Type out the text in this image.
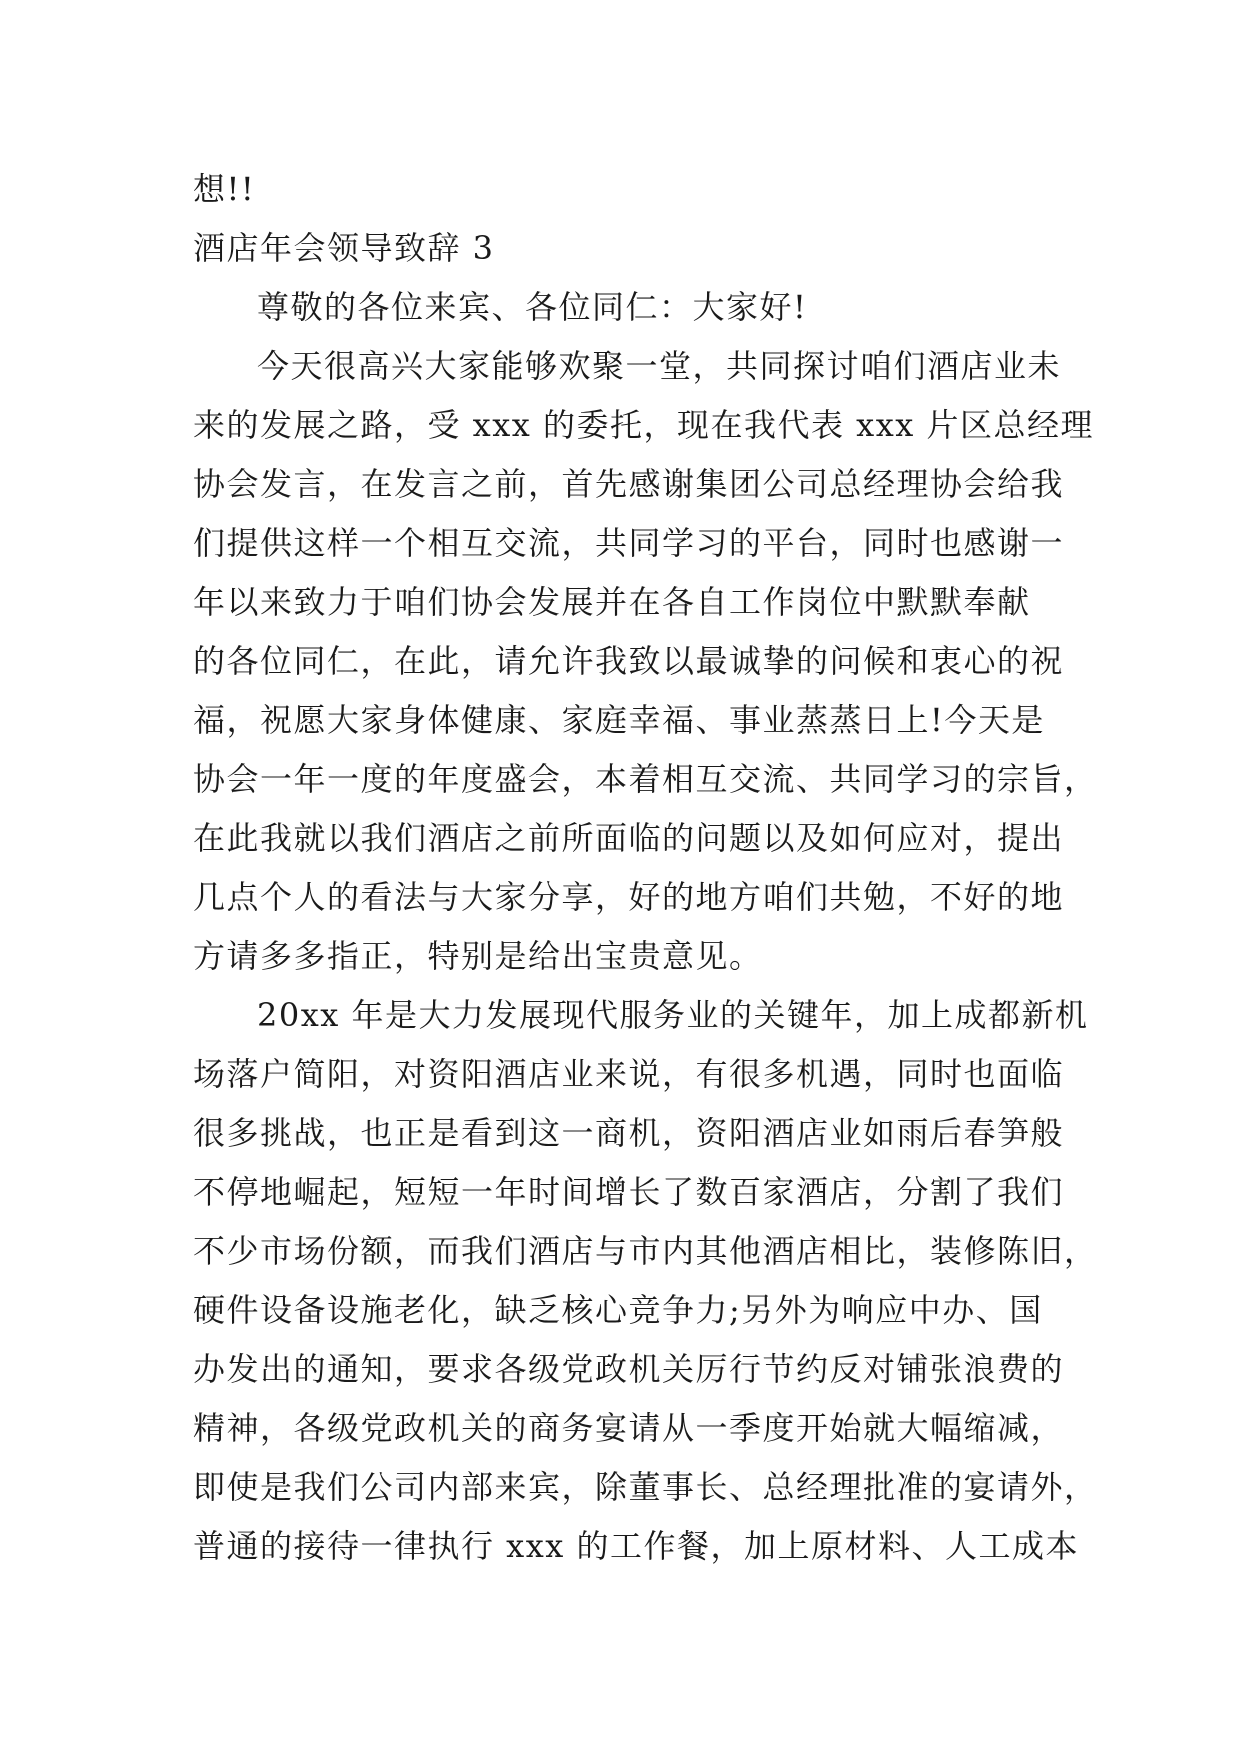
想!!
酒店年会领导致辞 3
尊敬的各位来宾、各位同仁：大家好!
今天很高兴大家能够欢聚一堂，共同探讨咱们酒店业未
来的发展之路，受 xxx 的委托，现在我代表 xxx 片区总经理
协会发言，在发言之前，首先感谢集团公司总经理协会给我
们提供这样一个相互交流，共同学习的平台，同时也感谢一
年以来致力于咱们协会发展并在各自工作岗位中默默奉献
的各位同仁，在此，请允许我致以最诚挚的问候和衷心的祝
福，祝愿大家身体健康、家庭幸福、事业蒸蒸日上!今天是
协会一年一度的年度盛会，本着相互交流、共同学习的宗旨，
在此我就以我们酒店之前所面临的问题以及如何应对，提出
几点个人的看法与大家分享，好的地方咱们共勉，不好的地
方请多多指正，特别是给出宝贵意见。
20xx 年是大力发展现代服务业的关键年，加上成都新机
场落户简阳，对资阳酒店业来说，有很多机遇，同时也面临
很多挑战，也正是看到这一商机，资阳酒店业如雨后春笋般
不停地崛起，短短一年时间增长了数百家酒店，分割了我们
不少市场份额，而我们酒店与市内其他酒店相比，装修陈旧，
硬件设备设施老化，缺乏核心竞争力;另外为响应中办、国
办发出的通知，要求各级党政机关厉行节约反对铺张浪费的
精神，各级党政机关的商务宴请从一季度开始就大幅缩减，
即使是我们公司内部来宾，除董事长、总经理批准的宴请外，
普通的接待一律执行 xxx 的工作餐，加上原材料、人工成本
